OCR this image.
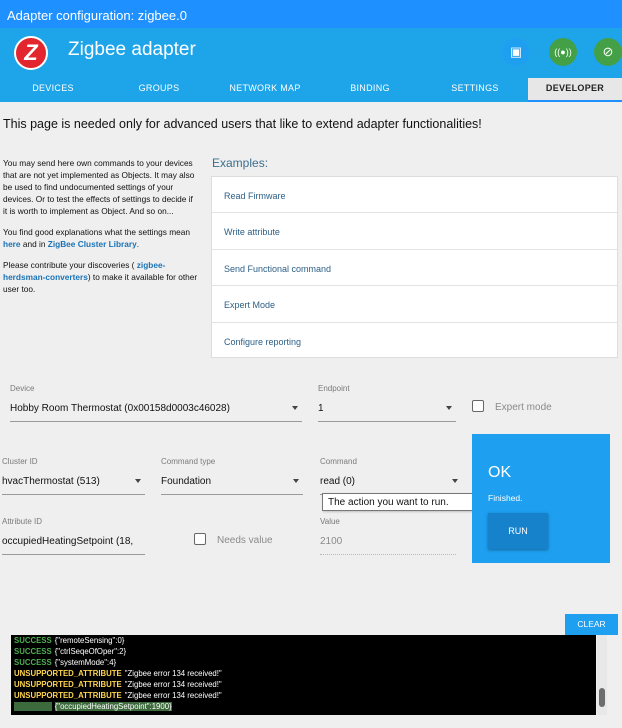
Adapter configuration: zigbee.0
Z	Zigbee adapter	▣	((●)) ⊘
DEVICES	GROUPS	NETWORK MAP	BINDING	SETTINGS	DEVELOPER
This page is needed only for advanced users that like to extend adapter functionalities!

You may send here own commands to your devices that are not yet implemented as Objects. It may also be used to find undocumented settings of your devices. Or to test the effects of settings to decide if it is worth to implement as Object. And so on...

You find good explanations what the settings mean here and in ZigBee Cluster Library.

Please contribute your discoveries ( zigbee-herdsman-converters) to make it available for other user too.

Examples:
Read Firmware
Write attribute
Send Functional command
Expert Mode
Configure reporting
Device
Hobby Room Thermostat (0x00158d0003c46028)
Endpoint
1	Expert mode
Cluster ID
hvacThermostat (513)
Command type
Foundation
Command
read (0)
The action you want to run.
Attribute ID
occupiedHeatingSetpoint (18,	Needs value
Value
2100
OK
Finished.
RUN
CLEAR
SUCCESS {"remoteSensing":0}
SUCCESS {"ctrlSeqeOfOper":2}
SUCCESS {"systemMode":4}
UNSUPPORTED_ATTRIBUTE "Zigbee error 134 received!"
UNSUPPORTED_ATTRIBUTE "Zigbee error 134 received!"
UNSUPPORTED_ATTRIBUTE "Zigbee error 134 received!"
SUCCESS {"occupiedHeatingSetpoint":1900}
